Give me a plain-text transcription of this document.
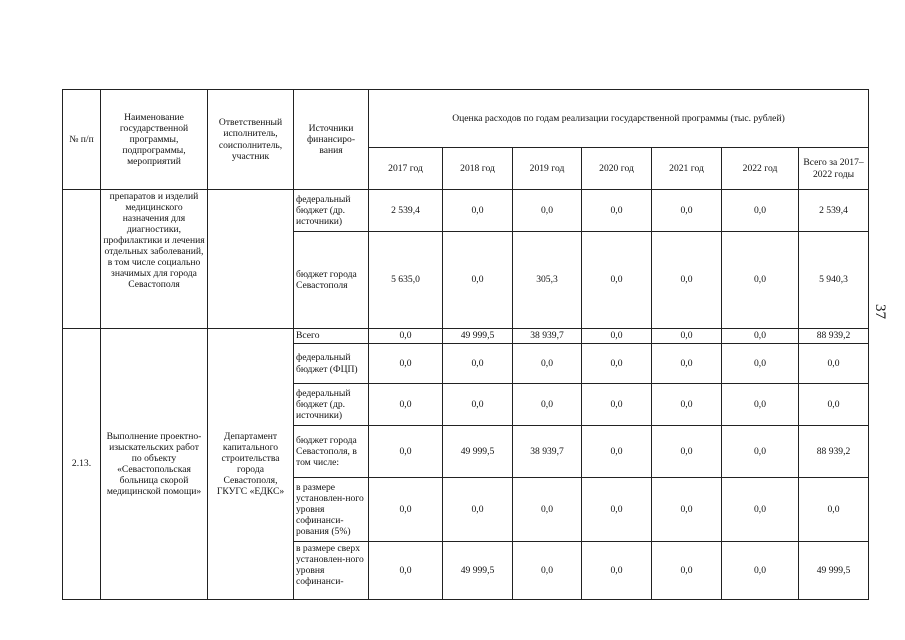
37
№ п/п	Наименование государственной программы, подпрограммы, мероприятий	Ответственный исполнитель, соисполнитель, участник	Источники финансиро-вания	Оценка расходов по годам реализации государственной программы (тыс. рублей)						
				2017 год	2018 год	2019 год	2020 год	2021 год	2022 год	Всего за 2017–2022 годы
	препаратов и изделий медицинского назначения для диагностики, профилактики и лечения отдельных заболеваний, в том числе социально значимых для города Севастополя		федеральный бюджет (др. источники)	2 539,4	0,0	0,0	0,0	0,0	0,0	2 539,4
			бюджет города Севастополя	5 635,0	0,0	305,3	0,0	0,0	0,0	5 940,3
2.13.	Выполнение проектно-изыскательских работ по объекту «Севастопольская больница скорой медицинской помощи»	Департамент капитального строительства города Севастополя, ГКУГС «ЕДКС»	Всего	0,0	49 999,5	38 939,7	0,0	0,0	0,0	88 939,2
			федеральный бюджет (ФЦП)	0,0	0,0	0,0	0,0	0,0	0,0	0,0
			федеральный бюджет (др. источники)	0,0	0,0	0,0	0,0	0,0	0,0	0,0
			бюджет города Севастополя, в том числе:	0,0	49 999,5	38 939,7	0,0	0,0	0,0	88 939,2
			в размере установлен-ного уровня софинанси-рования (5%)	0,0	0,0	0,0	0,0	0,0	0,0	0,0
			в размере сверх установлен-ного уровня софинанси-	0,0	49 999,5	0,0	0,0	0,0	0,0	49 999,5
